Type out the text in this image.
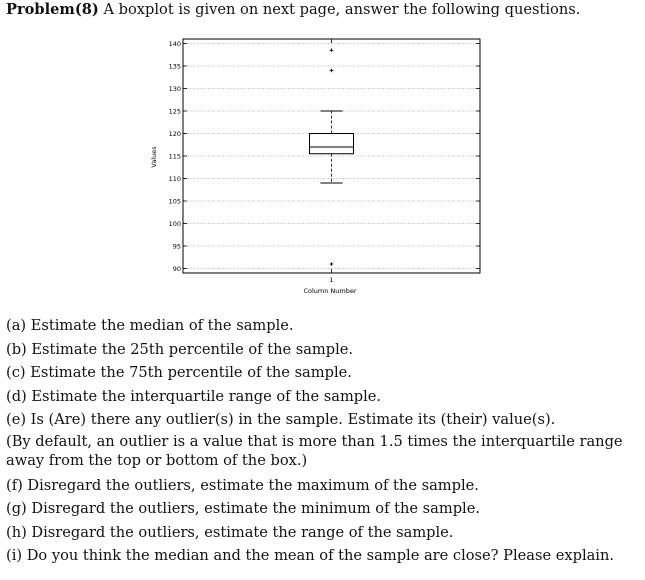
Problem(8) A boxplot is given on next page, answer the following questions.
90
95
100
105
110
115
120
125
130
135
140
1
Values
Column Number

(a) Estimate the median of the sample.

(b) Estimate the 25th percentile of the sample.

(c) Estimate the 75th percentile of the sample.

(d) Estimate the interquartile range of the sample.

(e) Is (Are) there any outlier(s) in the sample. Estimate its (their) value(s).

(By default, an outlier is a value that is more than 1.5 times the interquartile range away from the top or bottom of the box.)

(f) Disregard the outliers, estimate the maximum of the sample.

(g) Disregard the outliers, estimate the minimum of the sample.

(h) Disregard the outliers, estimate the range of the sample.

(i) Do you think the median and the mean of the sample are close? Please explain.
